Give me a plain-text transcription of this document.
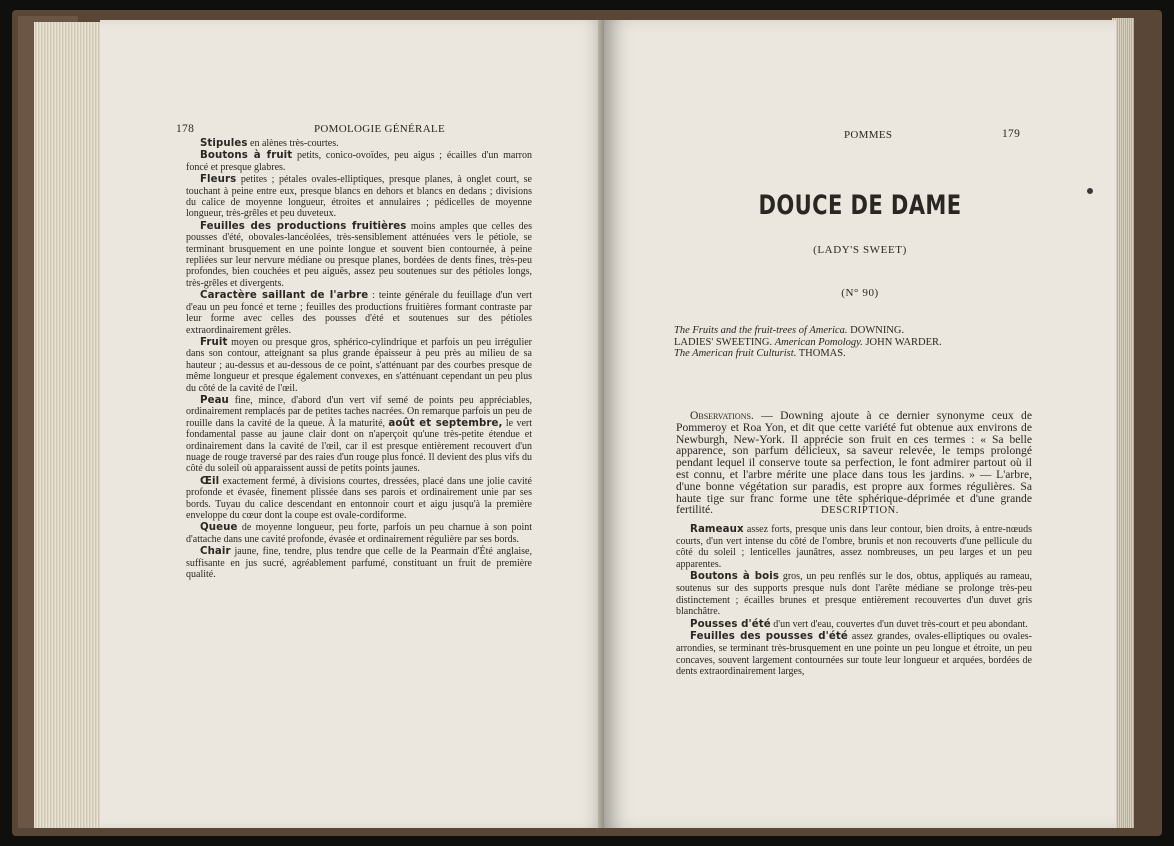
178	POMOLOGIE GÉNÉRALE

Stipules en alènes très-courtes.

Boutons à fruit petits, conico-ovoïdes, peu aigus ; écailles d'un marron foncé et presque glabres.

Fleurs petites ; pétales ovales-elliptiques, presque planes, à onglet court, se touchant à peine entre eux, presque blancs en dehors et blancs en dedans ; divisions du calice de moyenne longueur, étroites et annulaires ; pédicelles de moyenne longueur, très-grêles et peu duveteux.

Feuilles des productions fruitières moins amples que celles des pousses d'été, obovales-lancéolées, très-sensiblement atténuées vers le pétiole, se terminant brusquement en une pointe longue et souvent bien contournée, à peine repliées sur leur nervure médiane ou presque planes, bordées de dents fines, très-peu profondes, bien couchées et peu aiguës, assez peu soutenues sur des pétioles longs, très-grêles et divergents.

Caractère saillant de l'arbre : teinte générale du feuillage d'un vert d'eau un peu foncé et terne ; feuilles des productions fruitières formant contraste par leur forme avec celles des pousses d'été et soutenues sur des pétioles extraordinairement grêles.

Fruit moyen ou presque gros, sphérico-cylindrique et parfois un peu irrégulier dans son contour, atteignant sa plus grande épaisseur à peu près au milieu de sa hauteur ; au-dessus et au-dessous de ce point, s'atténuant par des courbes presque de même longueur et presque également convexes, en s'atténuant cependant un peu plus du côté de la cavité de l'œil.

Peau fine, mince, d'abord d'un vert vif semé de points peu appréciables, ordinairement remplacés par de petites taches nacrées. On remarque parfois un peu de rouille dans la cavité de la queue. À la maturité, août et septembre, le vert fondamental passe au jaune clair dont on n'aperçoit qu'une très-petite étendue et ordinairement dans la cavité de l'œil, car il est presque entièrement recouvert d'un nuage de rouge traversé par des raies d'un rouge plus foncé. Il devient des plus vifs du côté du soleil où apparaissent aussi de petits points jaunes.

Œil exactement fermé, à divisions courtes, dressées, placé dans une jolie cavité profonde et évasée, finement plissée dans ses parois et ordinairement unie par ses bords. Tuyau du calice descendant en entonnoir court et aigu jusqu'à la première enveloppe du cœur dont la coupe est ovale-cordiforme.

Queue de moyenne longueur, peu forte, parfois un peu charnue à son point d'attache dans une cavité profonde, évasée et ordinairement régulière par ses bords.

Chair jaune, fine, tendre, plus tendre que celle de la Pearmain d'Été anglaise, suffisante en jus sucré, agréablement parfumé, constituant un fruit de première qualité.

POMMES	179
DOUCE DE DAME
(LADY'S SWEET)
(N° 90)
The Fruits and the fruit-trees of America. DOWNING.
LADIES' SWEETING. American Pomology. JOHN WARDER.
The American fruit Culturist. THOMAS.

Observations. — Downing ajoute à ce dernier synonyme ceux de Pommeroy et Roa Yon, et dit que cette variété fut obtenue aux environs de Newburgh, New-York. Il apprécie son fruit en ces termes : « Sa belle apparence, son parfum délicieux, sa saveur relevée, le temps prolongé pendant lequel il conserve toute sa perfection, le font admirer partout où il est connu, et l'arbre mérite une place dans tous les jardins. » — L'arbre, d'une bonne végétation sur paradis, est propre aux formes régulières. Sa haute tige sur franc forme une tête sphérique-déprimée et d'une grande fertilité.	DESCRIPTION.

Rameaux assez forts, presque unis dans leur contour, bien droits, à entre-nœuds courts, d'un vert intense du côté de l'ombre, brunis et non recouverts d'une pellicule du côté du soleil ; lenticelles jaunâtres, assez nombreuses, un peu larges et un peu apparentes.

Boutons à bois gros, un peu renflés sur le dos, obtus, appliqués au rameau, soutenus sur des supports presque nuls dont l'arête médiane se prolonge très-peu distinctement ; écailles brunes et presque entièrement recouvertes d'un duvet gris blanchâtre.

Pousses d'été d'un vert d'eau, couvertes d'un duvet très-court et peu abondant.

Feuilles des pousses d'été assez grandes, ovales-elliptiques ou ovales-arrondies, se terminant très-brusquement en une pointe un peu longue et étroite, un peu concaves, souvent largement contournées sur toute leur longueur et arquées, bordées de dents extraordinairement larges,
